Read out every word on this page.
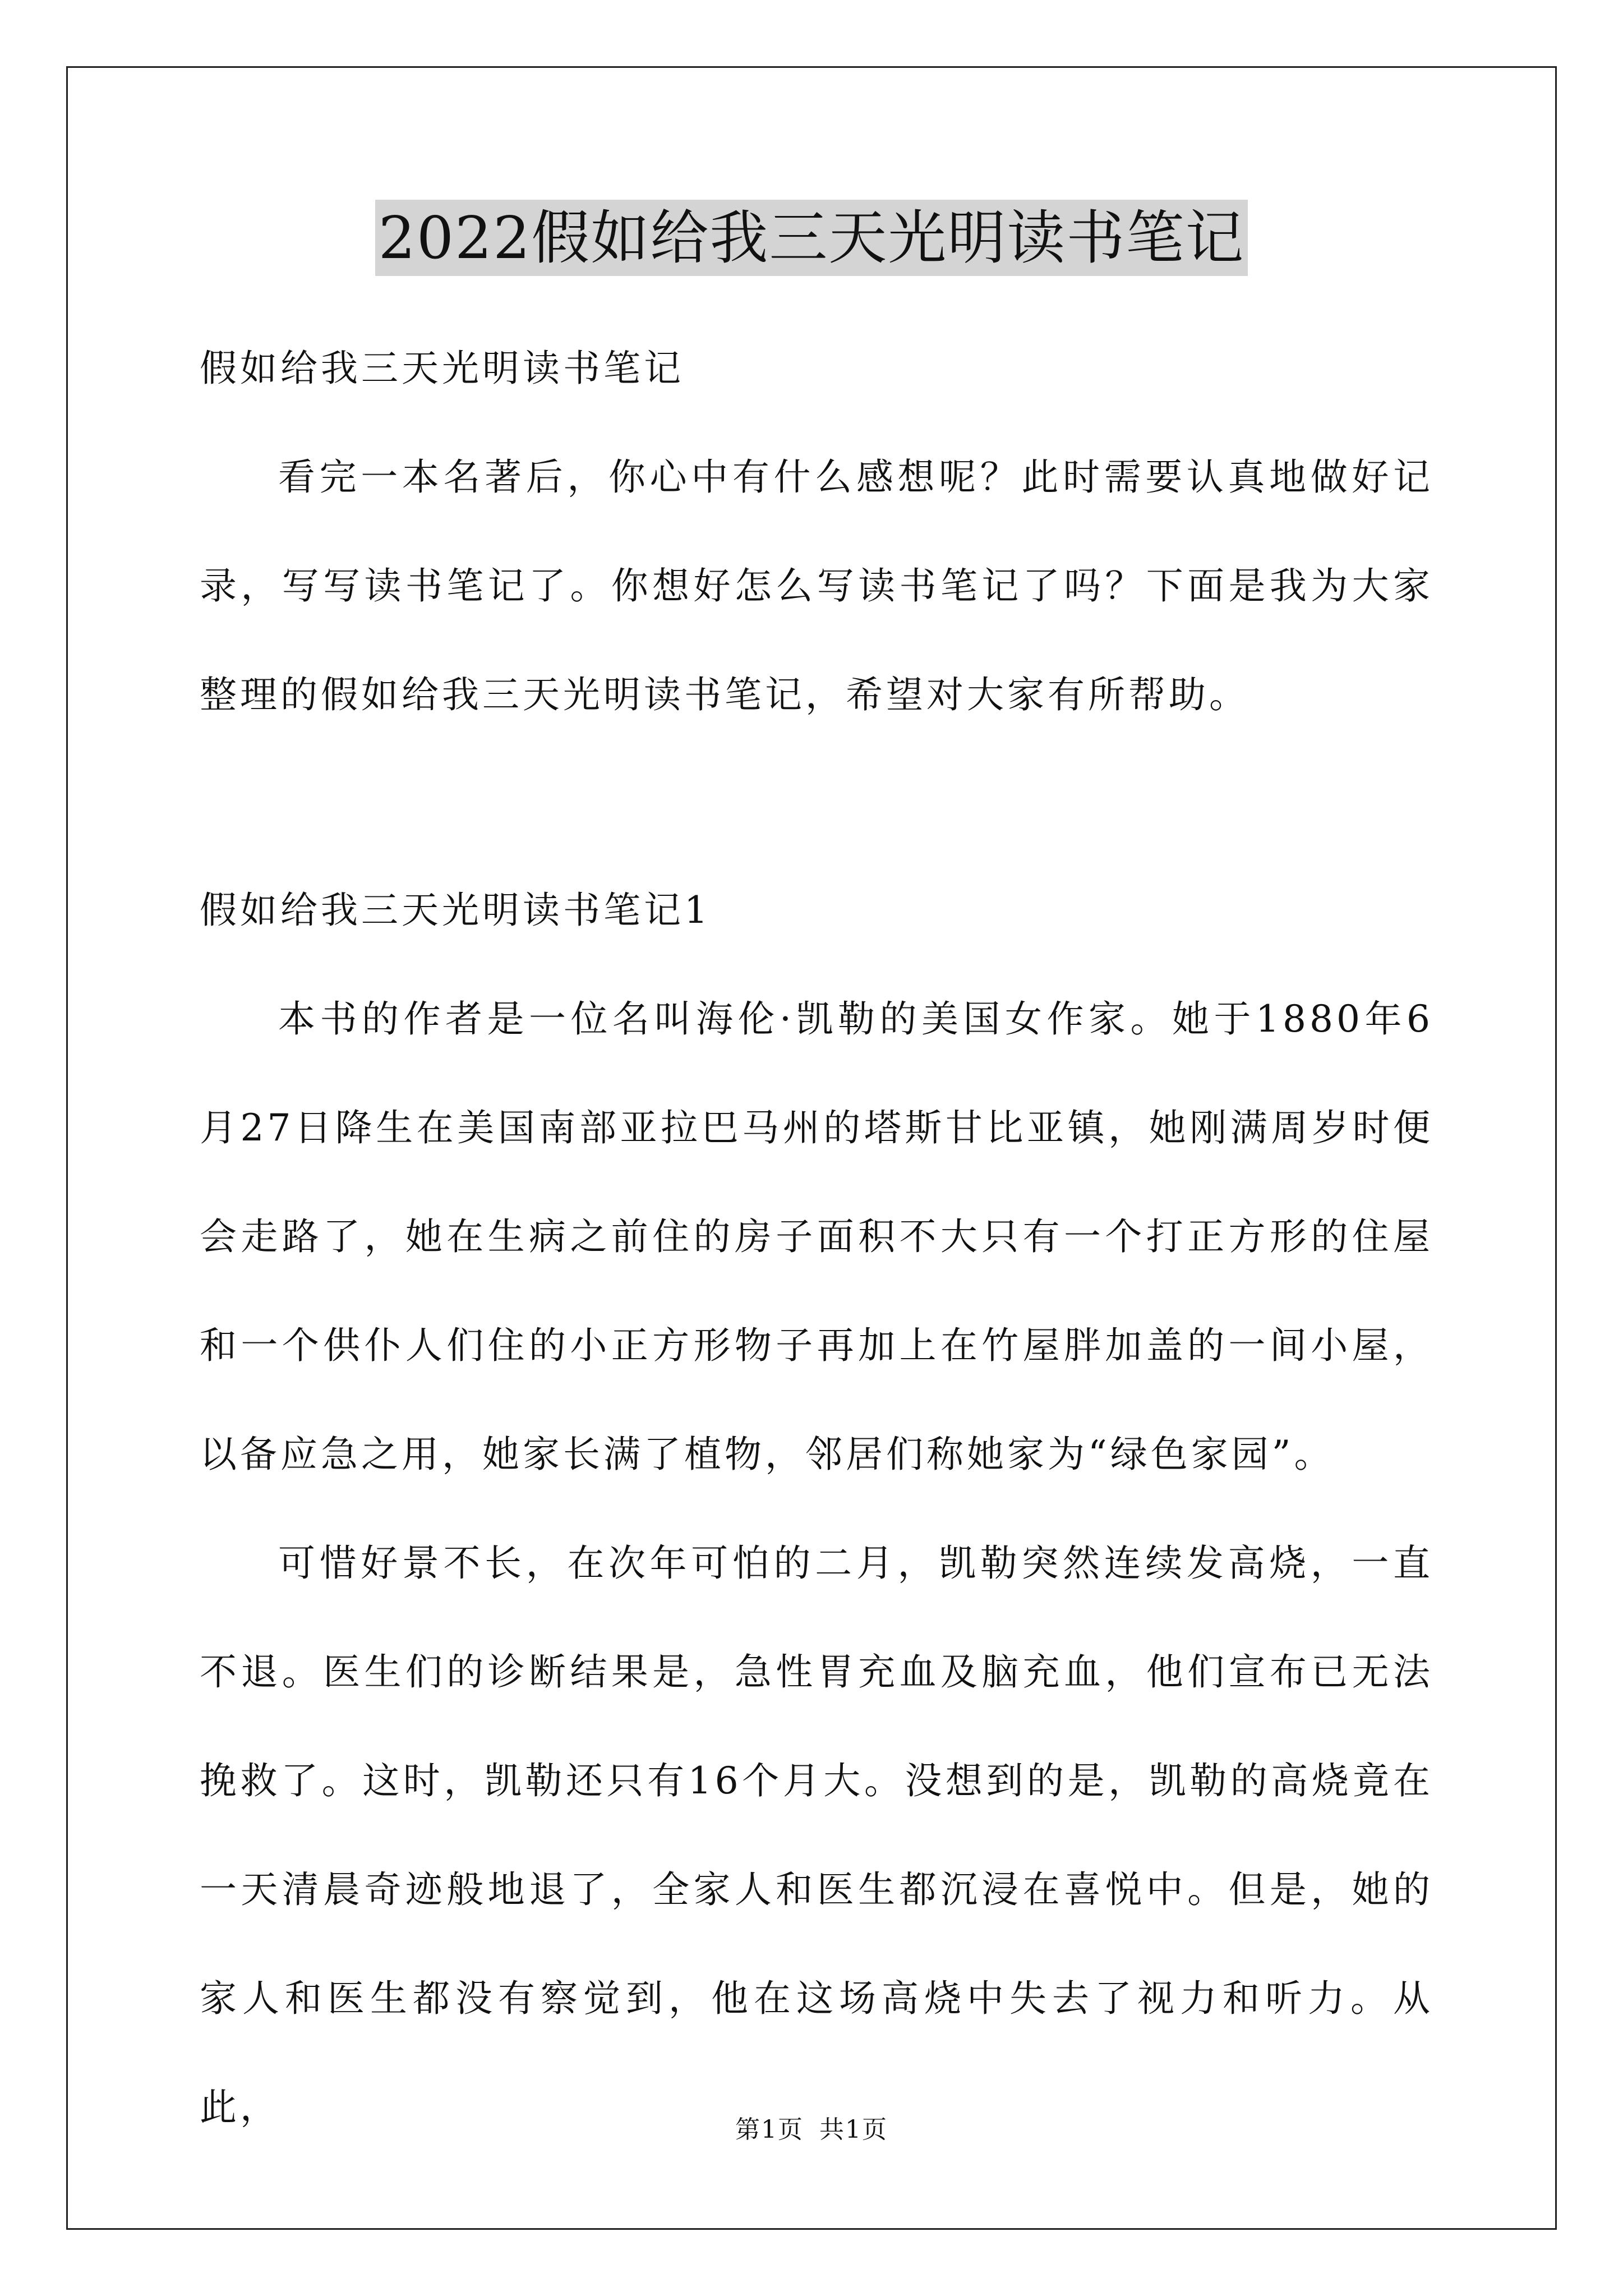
2022假如给我三天光明读书笔记

假如给我三天光明读书笔记

看完一本名著后，你心中有什么感想呢？此时需要认真地做好记录，写写读书笔记了。你想好怎么写读书笔记了吗？下面是我为大家整理的假如给我三天光明读书笔记，希望对大家有所帮助。

假如给我三天光明读书笔记1

本书的作者是一位名叫海伦·凯勒的美国女作家。她于1880年6月27日降生在美国南部亚拉巴马州的塔斯甘比亚镇，她刚满周岁时便会走路了，她在生病之前住的房子面积不大只有一个打正方形的住屋和一个供仆人们住的小正方形物子再加上在竹屋胖加盖的一间小屋，以备应急之用，她家长满了植物，邻居们称她家为“绿色家园”。

可惜好景不长，在次年可怕的二月，凯勒突然连续发高烧，一直不退。医生们的诊断结果是，急性胃充血及脑充血，他们宣布已无法挽救了。这时，凯勒还只有16个月大。没想到的是，凯勒的高烧竟在一天清晨奇迹般地退了，全家人和医生都沉浸在喜悦中。但是，她的家人和医生都没有察觉到，他在这场高烧中失去了视力和听力。从此，

第1页 共1页
